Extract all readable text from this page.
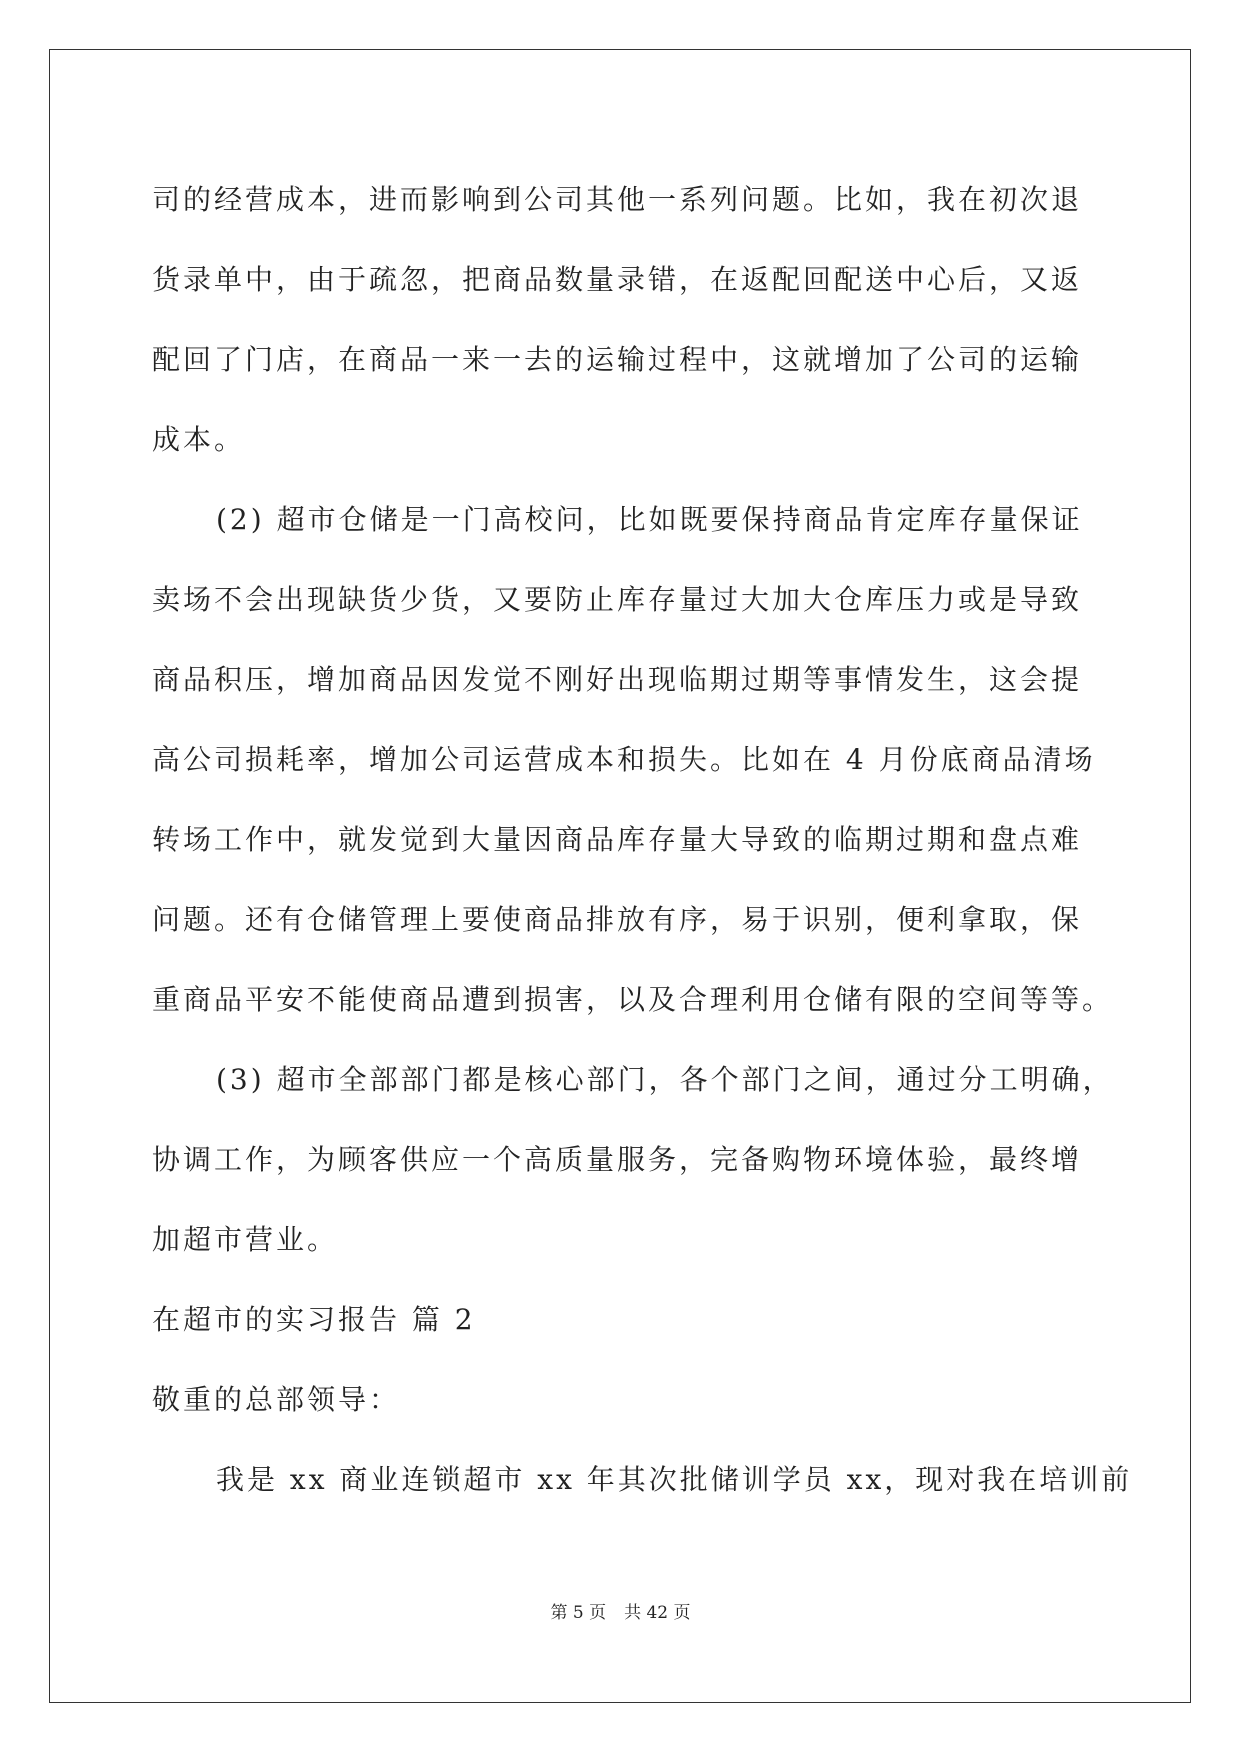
司的经营成本，进而影响到公司其他一系列问题。比如，我在初次退

货录单中，由于疏忽，把商品数量录错，在返配回配送中心后，又返

配回了门店，在商品一来一去的运输过程中，这就增加了公司的运输

成本。

(2) 超市仓储是一门高校问，比如既要保持商品肯定库存量保证

卖场不会出现缺货少货，又要防止库存量过大加大仓库压力或是导致

商品积压，增加商品因发觉不刚好出现临期过期等事情发生，这会提

高公司损耗率，增加公司运营成本和损失。比如在 4 月份底商品清场

转场工作中，就发觉到大量因商品库存量大导致的临期过期和盘点难

问题。还有仓储管理上要使商品排放有序，易于识别，便利拿取，保

重商品平安不能使商品遭到损害，以及合理利用仓储有限的空间等等。

(3) 超市全部部门都是核心部门，各个部门之间，通过分工明确，

协调工作，为顾客供应一个高质量服务，完备购物环境体验，最终增

加超市营业。

在超市的实习报告 篇 2

敬重的总部领导：

我是 xx 商业连锁超市 xx 年其次批储训学员 xx，现对我在培训前

第 5 页 共 42 页
